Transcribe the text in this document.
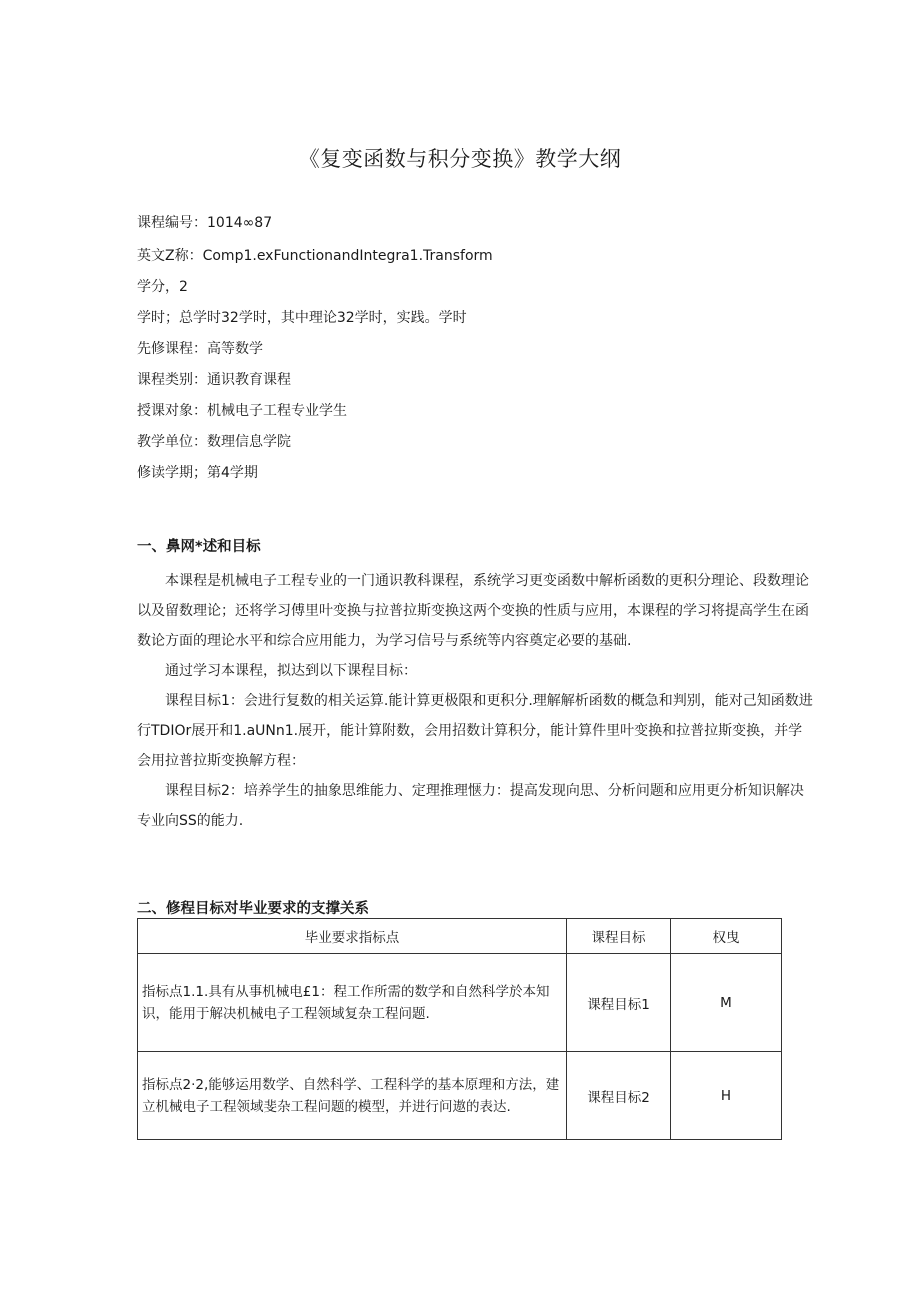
《复变函数与积分变换》教学大纲
课程编号：1014∞87
英文Z称：Comp1.exFunctionandIntegra1.Transform
学分，2
学时；总学时32学时，其中理论32学时，实践。学时
先修课程：高等数学
课程类别：通识教育课程
授课对象：机械电子工程专业学生
教学单位：数理信息学院
修读学期；第4学期
一、鼻网*述和目标

本课程是机械电子工程专业的一门通识教科课程，系统学习更变函数中解析函数的更积分理论、段数理论以及留数理论；还将学习傅里叶变换与拉普拉斯变换这两个变换的性质与应用，本课程的学习将提高学生在函数论方面的理论水平和综合应用能力，为学习信号与系统等内容奠定必要的基础.

通过学习本课程，拟达到以下课程目标：

课程目标1：会进行复数的相关运算.能计算更极限和更积分.理解解析函数的概急和判别，能对己知函数进行TDIOr展开和1.aUNn1.展开，能计算附数，会用招数计算积分，能计算件里叶变换和拉普拉斯变换，并学会用拉普拉斯变换解方程：

课程目标2：培养学生的抽象思维能力、定理推理惬力：提高发现向思、分析问题和应用更分析知识解决专业向SS的能力.

二、修程目标对毕业要求的支撑关系
毕业要求指标点	课程目标	权曳
指标点1.1.具有从事机械电£1：程工作所需的数学和自然科学於本知识，能用于解决机械电子工程领域复杂工程问题.	课程目标1	M
指标点2·2,能够运用数学、自然科学、工程科学的基本原理和方法，建立机械电子工程领域斐杂工程问题的模型，并进行问遨的表达.	课程目标2	H
